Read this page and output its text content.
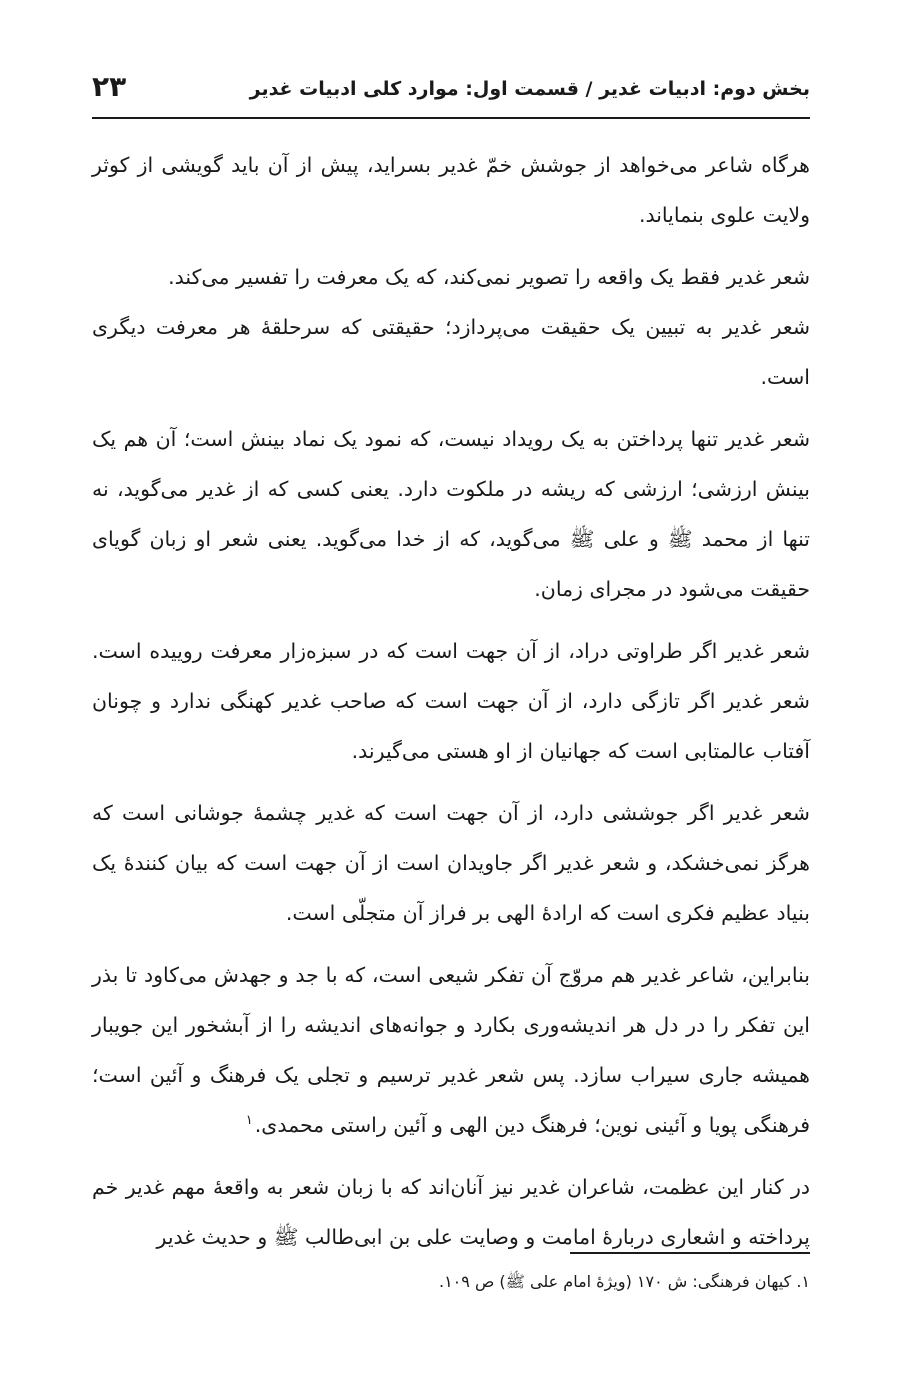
بخش دوم: ادبیات غدیر / قسمت اول: موارد کلی ادبیات غدیر
۲۳

هرگاه شاعر می‌خواهد از جوشش خمّ غدیر بسراید، پیش از آن باید گویشی از کوثر ولایت علوی بنمایاند.

شعر غدیر فقط یک واقعه را تصویر نمی‌کند، که یک معرفت را تفسیر می‌کند.

شعر غدیر به تبیین یک حقیقت می‌پردازد؛ حقیقتی که سرحلقهٔ هر معرفت دیگری است.

شعر غدیر تنها پرداختن به یک رویداد نیست، که نمود یک نماد بینش است؛ آن هم یک بینش ارزشی؛ ارزشی که ریشه در ملکوت دارد. یعنی کسی که از غدیر می‌گوید، نه تنها از محمد ﷺ و علی ﷺ می‌گوید، که از خدا می‌گوید. یعنی شعر او زبان گویای حقیقت می‌شود در مجرای زمان.

شعر غدیر اگر طراوتی دراد، از آن جهت است که در سبزه‌زار معرفت روییده است. شعر غدیر اگر تازگی دارد، از آن جهت است که صاحب غدیر کهنگی ندارد و چونان آفتاب عالمتابی است که جهانیان از او هستی می‌گیرند.

شعر غدیر اگر جوششی دارد، از آن جهت است که غدیر چشمهٔ جوشانی است که هرگز نمی‌خشکد، و شعر غدیر اگر جاویدان است از آن جهت است که بیان کنندهٔ یک بنیاد عظیم فکری است که ارادهٔ الهی بر فراز آن متجلّی است.

بنابراین، شاعر غدیر هم مروّج آن تفکر شیعی است، که با جد و جهدش می‌کاود تا بذر این تفکر را در دل هر اندیشه‌وری بکارد و جوانه‌های اندیشه را از آبشخور این جویبار همیشه جاری سیراب سازد. پس شعر غدیر ترسیم و تجلی یک فرهنگ و آئین است؛ فرهنگی پویا و آئینی نوین؛ فرهنگ دین الهی و آئین راستی محمدی.$^۱$

در کنار این عظمت، شاعران غدیر نیز آنان‌اند که با زبان شعر به واقعهٔ مهم غدیر خم پرداخته و اشعاری دربارهٔ امامت و وصایت علی بن ابی‌طالب ﷺ و حدیث غدیر

۱. کیهان فرهنگی: ش ۱۷۰ (ویژهٔ امام علی ﷺ) ص ۱۰۹.
